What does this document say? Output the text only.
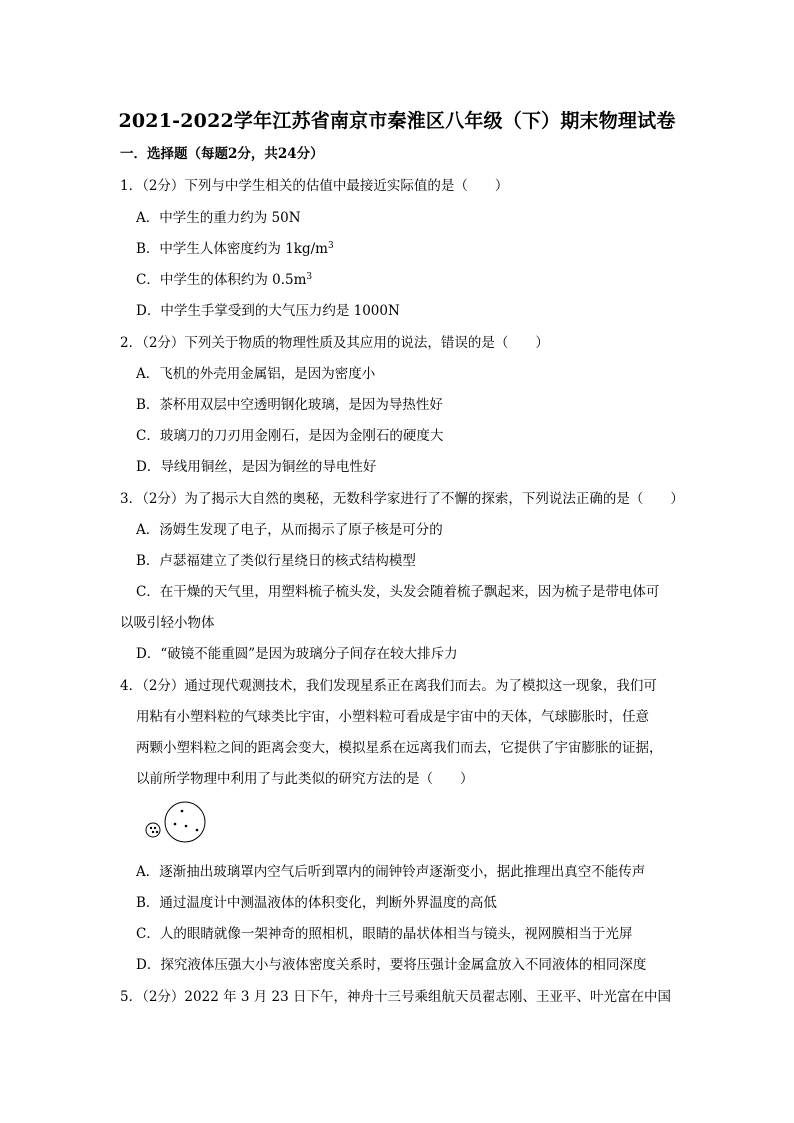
2021-2022学年江苏省南京市秦淮区八年级（下）期末物理试卷
一．选择题（每题2分，共24分）
1．（2分）下列与中学生相关的估值中最接近实际值的是（　　）
A．中学生的重力约为 50N
B．中学生人体密度约为 $1kg/m^3$
C．中学生的体积约为 $0.5m^3$
D．中学生手掌受到的大气压力约是 1000N
2．（2分）下列关于物质的物理性质及其应用的说法，错误的是（　　）
A．飞机的外壳用金属铝，是因为密度小
B．茶杯用双层中空透明钢化玻璃，是因为导热性好
C．玻璃刀的刀刃用金刚石，是因为金刚石的硬度大
D．导线用铜丝，是因为铜丝的导电性好
3．（2分）为了揭示大自然的奥秘，无数科学家进行了不懈的探索，下列说法正确的是（　　）
A．汤姆生发现了电子，从而揭示了原子核是可分的
B．卢瑟福建立了类似行星绕日的核式结构模型
C．在干燥的天气里，用塑料梳子梳头发，头发会随着梳子飘起来，因为梳子是带电体可
以吸引轻小物体
D．“破镜不能重圆”是因为玻璃分子间存在较大排斥力
4．（2分）通过现代观测技术，我们发现星系正在离我们而去。为了模拟这一现象，我们可
用粘有小塑料粒的气球类比宇宙，小塑料粒可看成是宇宙中的天体，气球膨胀时，任意
两颗小塑料粒之间的距离会变大，模拟星系在远离我们而去，它提供了宇宙膨胀的证据，
以前所学物理中利用了与此类似的研究方法的是（　　）
A．逐渐抽出玻璃罩内空气后听到罩内的闹钟铃声逐渐变小，据此推理出真空不能传声
B．通过温度计中测温液体的体积变化，判断外界温度的高低
C．人的眼睛就像一架神奇的照相机，眼睛的晶状体相当与镜头，视网膜相当于光屏
D．探究液体压强大小与液体密度关系时，要将压强计金属盒放入不同液体的相同深度
5．（2分）2022 年 3 月 23 日下午，神舟十三号乘组航天员翟志刚、王亚平、叶光富在中国
